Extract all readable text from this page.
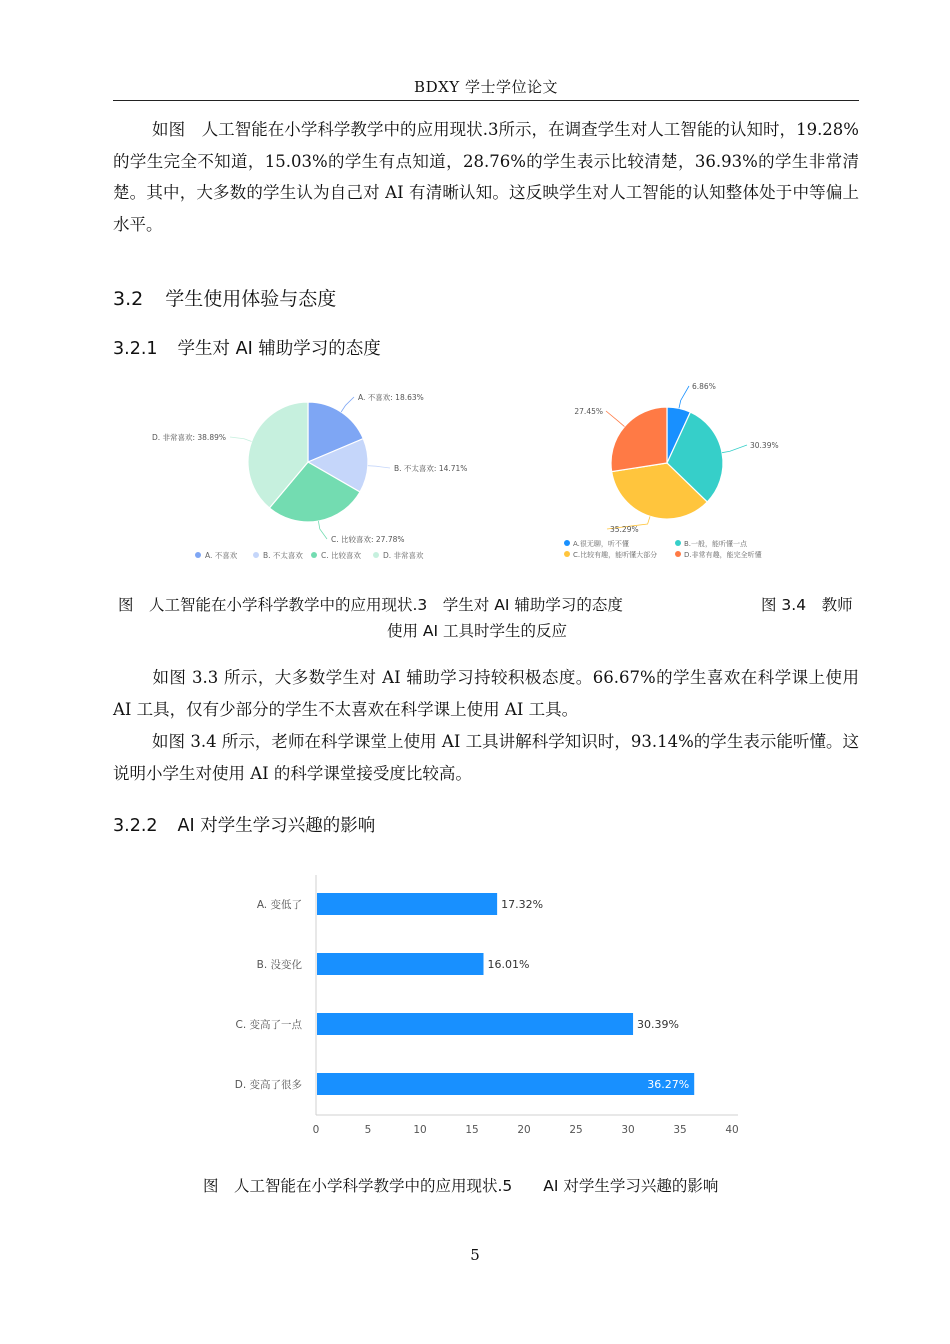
BDXY 学士学位论文
如图　人工智能在小学科学教学中的应用现状.3所示，在调查学生对人工智能的认知时，19.28%的学生完全不知道，15.03%的学生有点知道，28.76%的学生表示比较清楚，36.93%的学生非常清楚。其中，大多数的学生认为自己对 AI 有清晰认知。这反映学生对人工智能的认知整体处于中等偏上水平。
3.2 学生使用体验与态度
3.2.1 学生对 AI 辅助学习的态度
A. 不喜欢: 18.63%
B. 不太喜欢: 14.71%
C. 比较喜欢: 27.78%
D. 非常喜欢: 38.89%
A. 不喜欢	B. 不太喜欢 C. 比较喜欢	D. 非常喜欢
6.86%
30.39%
35.29%
27.45%
A.很无聊，听不懂	B.一般，能听懂一点
C.比较有趣，能听懂大部分	D.非常有趣，能完全听懂
图　人工智能在小学科学教学中的应用现状.3　学生对 AI 辅助学习的态度	图 3.4　教师
使用 AI 工具时学生的反应
如图 3.3 所示，大多数学生对 AI 辅助学习持较积极态度。66.67%的学生喜欢在科学课上使用 AI 工具，仅有少部分的学生不太喜欢在科学课上使用 AI 工具。
如图 3.4 所示，老师在科学课堂上使用 AI 工具讲解科学知识时，93.14%的学生表示能听懂。这说明小学生对使用 AI 的科学课堂接受度比较高。
3.2.2 AI 对学生学习兴趣的影响
0	5	10	15	20	25	30	35	40
A. 变低了	17.32%
B. 没变化	16.01%
C. 变高了一点	30.39%
D. 变高了很多	36.27%
图　人工智能在小学科学教学中的应用现状.5　　AI 对学生学习兴趣的影响
5
